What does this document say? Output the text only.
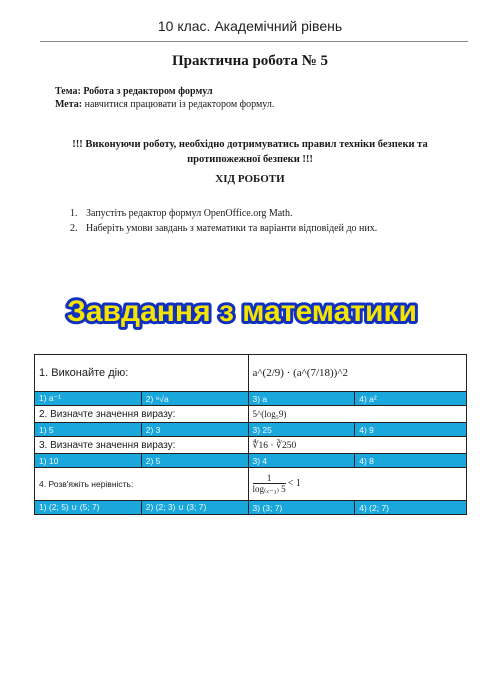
10 клас. Академічний рівень
Практична робота № 5
Тема: Робота з редактором формул
Мета: навчитися працювати із редактором формул.
!!! Виконуючи роботу, необхідно дотримуватись правил техніки безпеки та протипожежної безпеки !!!
ХІД РОБОТИ
1. Запустіть редактор формул OpenOffice.org Math.
2. Наберіть умови завдань з математики та варіанти відповідей до них.
Завдання з математики
1. Виконайте дію:		a^(2/9) · (a^(7/18))^2	
1) a⁻¹	2) ⁹√a	3) a	4) a²
2. Визначте значення виразу:		5^(log₅9)	
1) 5	2) 3	3) 25	4) 9
3. Визначте значення виразу:		∜16 · ∛250	
1) 10	2) 5	3) 4	4) 8
4. Розв'яжіть нерівність:		$\frac{1}{\text{log₍ₓ₋₁₎ 5}} < 1$	
1) (2; 5) ∪ (5; 7)	2) (2; 3) ∪ (3; 7)	3) (3; 7)	4) (2; 7)
